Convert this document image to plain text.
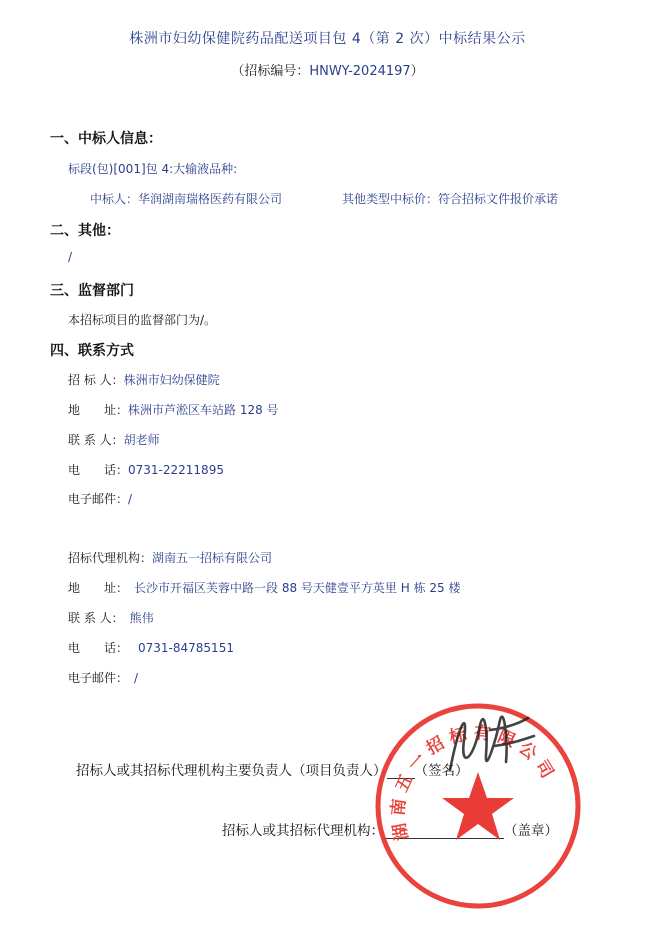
株洲市妇幼保健院药品配送项目包 4（第 2 次）中标结果公示
（招标编号：HNWY-2024197）
一、中标人信息：
标段(包)[001]包 4:大输液品种:
中标人：华润湖南瑞格医药有限公司	其他类型中标价：符合招标文件报价承诺
二、其他：
/
三、监督部门
本招标项目的监督部门为/。
四、联系方式
招 标 人：株洲市妇幼保健院
地　　址：株洲市芦淞区车站路 128 号
联 系 人：胡老师
电　　话：0731-22211895
电子邮件：/
招标代理机构：湖南五一招标有限公司
地　　址： 长沙市开福区芙蓉中路一段 88 号天健壹平方英里 H 栋 25 楼
联 系 人： 熊伟
电　　话： 0731-84785151
电子邮件： /
招标人或其招标代理机构主要负责人（项目负责人） （签名）
招标人或其招标代理机构：	（盖章）
湖南五一招标有限公司
